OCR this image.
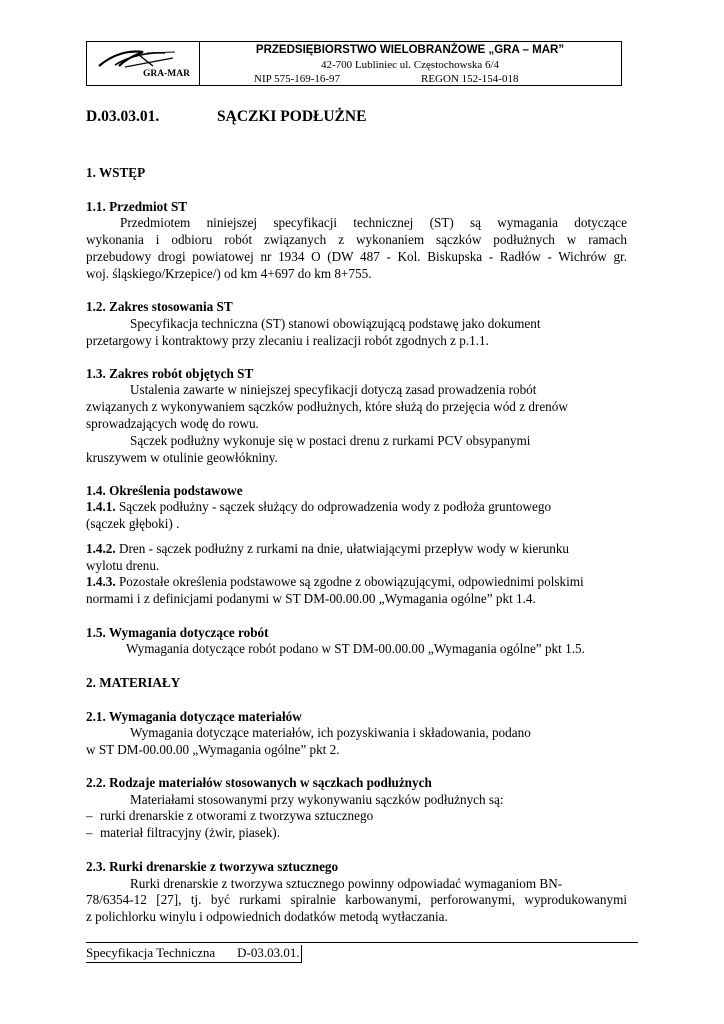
GRA-MAR
PRZEDSIĘBIORSTWO WIELOBRANŻOWE „GRA – MAR”
42-700 Lubliniec ul. Częstochowska 6/4
NIP 575-169-16-97	REGON 152-154-018
D.03.03.01.	SĄCZKI PODŁUŻNE
1. WSTĘP
1.1. Przedmiot ST
Przedmiotem niniejszej specyfikacji technicznej (ST) są wymagania dotyczące
wykonania i odbioru robót związanych z wykonaniem sączków podłużnych w ramach
przebudowy drogi powiatowej nr 1934 O (DW 487 - Kol. Biskupska - Radłów - Wichrów gr.
woj. śląskiego/Krzepice/) od km 4+697 do km 8+755.
1.2. Zakres stosowania ST
Specyfikacja techniczna (ST) stanowi obowiązującą podstawę jako dokument
przetargowy i kontraktowy przy zlecaniu i realizacji robót zgodnych z p.1.1.
1.3. Zakres robót objętych ST
Ustalenia zawarte w niniejszej specyfikacji dotyczą zasad prowadzenia robót
związanych z wykonywaniem sączków podłużnych, które służą do przejęcia wód z drenów
sprowadzających wodę do rowu.
Sączek podłużny wykonuje się w postaci drenu z rurkami PCV obsypanymi
kruszywem w otulinie geowłókniny.
1.4. Określenia podstawowe
1.4.1. Sączek podłużny - sączek służący do odprowadzenia wody z podłoża gruntowego
(sączek głęboki) .
1.4.2. Dren - sączek podłużny z rurkami na dnie, ułatwiającymi przepływ wody w kierunku
wylotu drenu.
1.4.3. Pozostałe określenia podstawowe są zgodne z obowiązującymi, odpowiednimi polskimi
normami i z definicjami podanymi w ST DM-00.00.00 „Wymagania ogólne” pkt 1.4.
1.5. Wymagania dotyczące robót
Wymagania dotyczące robót podano w ST DM-00.00.00 „Wymagania ogólne” pkt 1.5.
2. MATERIAŁY
2.1. Wymagania dotyczące materiałów
Wymagania dotyczące materiałów, ich pozyskiwania i składowania, podano
w ST DM-00.00.00 „Wymagania ogólne” pkt 2.
2.2. Rodzaje materiałów stosowanych w sączkach podłużnych
Materiałami stosowanymi przy wykonywaniu sączków podłużnych są:
– rurki drenarskie z otworami z tworzywa sztucznego
– materiał filtracyjny (żwir, piasek).
2.3. Rurki drenarskie z tworzywa sztucznego
Rurki drenarskie z tworzywa sztucznego powinny odpowiadać wymaganiom BN-
78/6354-12 [27], tj. być rurkami spiralnie karbowanymi, perforowanymi, wyprodukowanymi
z polichlorku winylu i odpowiednich dodatków metodą wytłaczania.
Specyfikacja Techniczna D-03.03.01.
